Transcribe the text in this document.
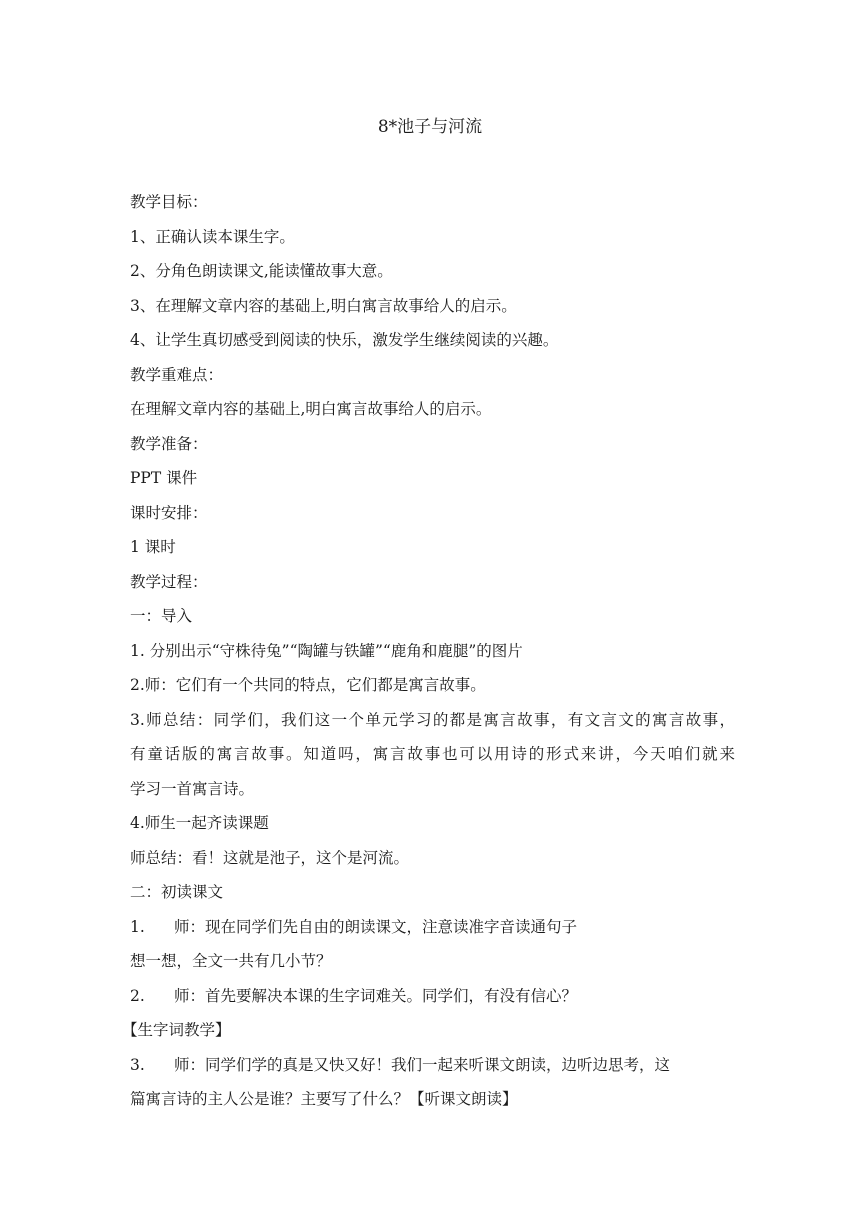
8*池子与河流
教学目标：
1、正确认读本课生字。
2、分角色朗读课文,能读懂故事大意。
3、在理解文章内容的基础上,明白寓言故事给人的启示。
4、让学生真切感受到阅读的快乐，激发学生继续阅读的兴趣。
教学重难点：
在理解文章内容的基础上,明白寓言故事给人的启示。
教学准备：
PPT 课件
课时安排：
1 课时
教学过程：
一：导入
1. 分别出示“守株待兔”“陶罐与铁罐”“鹿角和鹿腿”的图片
2.师：它们有一个共同的特点，它们都是寓言故事。
3.师总结：同学们，我们这一个单元学习的都是寓言故事，有文言文的寓言故事，
有童话版的寓言故事。知道吗，寓言故事也可以用诗的形式来讲，今天咱们就来
学习一首寓言诗。
4.师生一起齐读课题
师总结：看！这就是池子，这个是河流。
二：初读课文
1. 师：现在同学们先自由的朗读课文，注意读准字音读通句子
想一想，全文一共有几小节？
2. 师：首先要解决本课的生字词难关。同学们，有没有信心？
【生字词教学】
3. 师：同学们学的真是又快又好！我们一起来听课文朗读，边听边思考，这
篇寓言诗的主人公是谁？主要写了什么？【听课文朗读】
